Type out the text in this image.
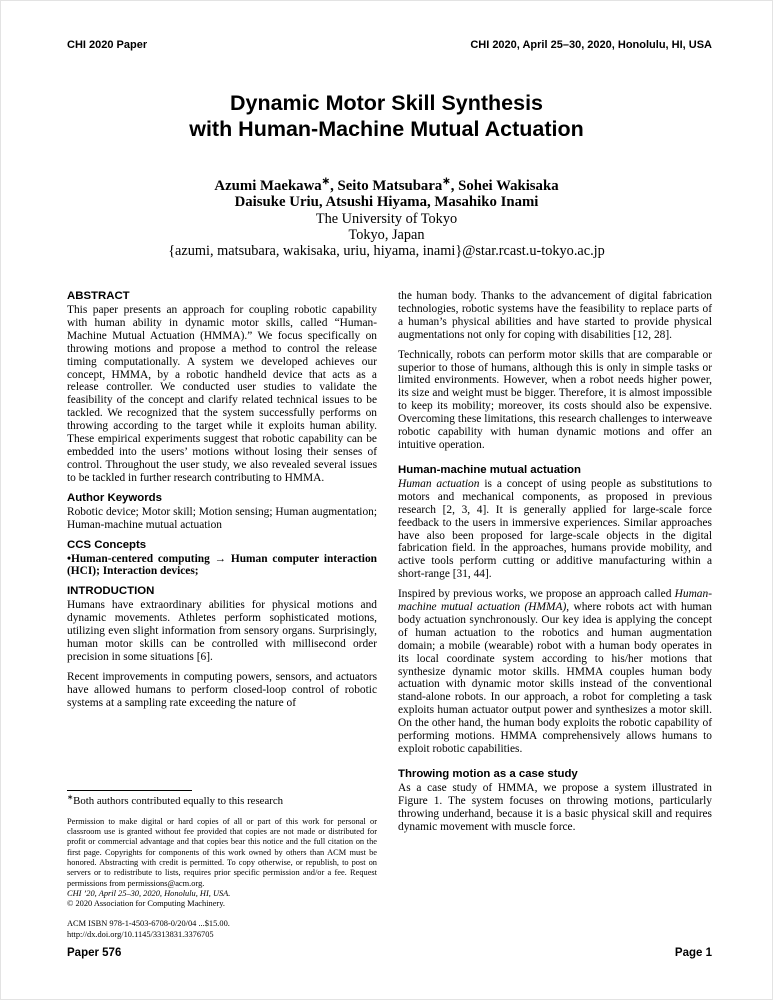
CHI 2020 Paper	CHI 2020, April 25–30, 2020, Honolulu, HI, USA
Dynamic Motor Skill Synthesis
with Human-Machine Mutual Actuation
Azumi Maekawa∗, Seito Matsubara∗, Sohei Wakisaka
Daisuke Uriu, Atsushi Hiyama, Masahiko Inami
The University of Tokyo
Tokyo, Japan
{azumi, matsubara, wakisaka, uriu, hiyama, inami}@star.rcast.u-tokyo.ac.jp
ABSTRACT

This paper presents an approach for coupling robotic capability with human ability in dynamic motor skills, called “Human-Machine Mutual Actuation (HMMA).” We focus specifically on throwing motions and propose a method to control the release timing computationally. A system we developed achieves our concept, HMMA, by a robotic handheld device that acts as a release controller. We conducted user studies to validate the feasibility of the concept and clarify related technical issues to be tackled. We recognized that the system successfully performs on throwing according to the target while it exploits human ability. These empirical experiments suggest that robotic capability can be embedded into the users’ motions without losing their senses of control. Throughout the user study, we also revealed several issues to be tackled in further research contributing to HMMA.

Author Keywords

Robotic device; Motor skill; Motion sensing; Human augmentation; Human-machine mutual actuation

CCS Concepts

•Human-centered computing → Human computer interaction (HCI); Interaction devices;

INTRODUCTION

Humans have extraordinary abilities for physical motions and dynamic movements. Athletes perform sophisticated motions, utilizing even slight information from sensory organs. Surprisingly, human motor skills can be controlled with millisecond order precision in some situations [6].

Recent improvements in computing powers, sensors, and actuators have allowed humans to perform closed-loop control of robotic systems at a sampling rate exceeding the nature of

∗Both authors contributed equally to this research

Permission to make digital or hard copies of all or part of this work for personal or classroom use is granted without fee provided that copies are not made or distributed for profit or commercial advantage and that copies bear this notice and the full citation on the first page. Copyrights for components of this work owned by others than ACM must be honored. Abstracting with credit is permitted. To copy otherwise, or republish, to post on servers or to redistribute to lists, requires prior specific permission and/or a fee. Request permissions from permissions@acm.org.

CHI ’20, April 25–30, 2020, Honolulu, HI, USA.

© 2020 Association for Computing Machinery.

ACM ISBN 978-1-4503-6708-0/20/04 ...$15.00.

http://dx.doi.org/10.1145/3313831.3376705

the human body. Thanks to the advancement of digital fabrication technologies, robotic systems have the feasibility to replace parts of a human’s physical abilities and have started to provide physical augmentations not only for coping with disabilities [12, 28].

Technically, robots can perform motor skills that are comparable or superior to those of humans, although this is only in simple tasks or limited environments. However, when a robot needs higher power, its size and weight must be bigger. Therefore, it is almost impossible to keep its mobility; moreover, its costs should also be expensive. Overcoming these limitations, this research challenges to interweave robotic capability with human dynamic motions and offer an intuitive operation.

Human-machine mutual actuation

Human actuation is a concept of using people as substitutions to motors and mechanical components, as proposed in previous research [2, 3, 4]. It is generally applied for large-scale force feedback to the users in immersive experiences. Similar approaches have also been proposed for large-scale objects in the digital fabrication field. In the approaches, humans provide mobility, and active tools perform cutting or additive manufacturing within a short-range [31, 44].

Inspired by previous works, we propose an approach called Human-machine mutual actuation (HMMA), where robots act with human body actuation synchronously. Our key idea is applying the concept of human actuation to the robotics and human augmentation domain; a mobile (wearable) robot with a human body operates in its local coordinate system according to his/her motions that synthesize dynamic motor skills. HMMA couples human body actuation with dynamic motor skills instead of the conventional stand-alone robots. In our approach, a robot for completing a task exploits human actuator output power and synthesizes a motor skill. On the other hand, the human body exploits the robotic capability of performing motions. HMMA comprehensively allows humans to exploit robotic capabilities.

Throwing motion as a case study

As a case study of HMMA, we propose a system illustrated in Figure 1. The system focuses on throwing motions, particularly throwing underhand, because it is a basic physical skill and requires dynamic movement with muscle force.

Paper 576	Page 1
